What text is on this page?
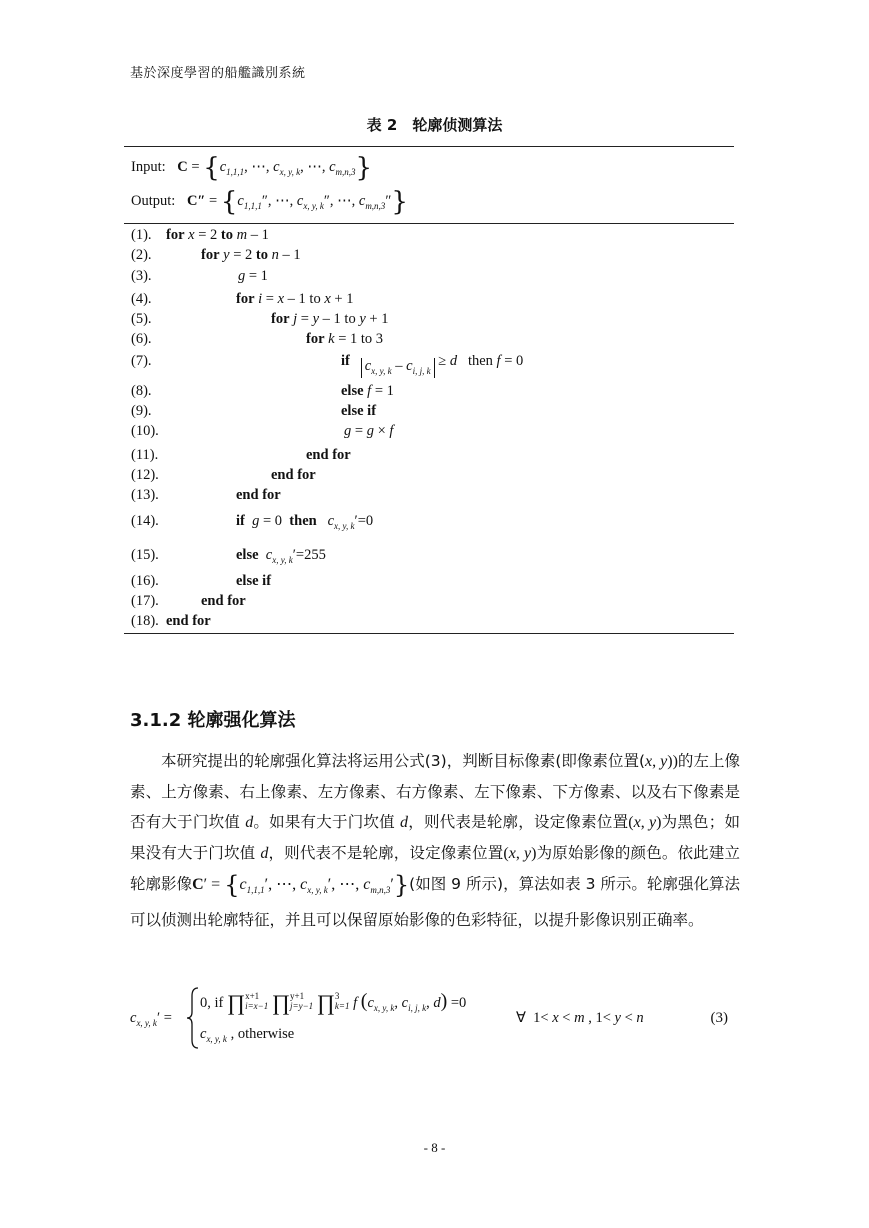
基於深度學習的船艦識別系統
表 2　轮廓侦测算法
Input: $C = \{c_{1,1,1}$, ⋯, $c_{x, y, k}$, ⋯, $c_{m,n,3}$}
Output: $C'' = \{c_{1,1,1}''$, ⋯, $c_{x, y, k}''$, ⋯, $c_{m,n,3}''$}
(1).
(2).
(3).
(4).
(5).
(6).
(7).
(8).
(9).
(10).
(11).
(12).
(13).
(14).
(15).
(16).
(17).
(18).
for x = 2 to m – 1
for y = 2 to n – 1
g = 1
for i = x – 1 to x + 1
for j = y – 1 to y + 1
for k = 1 to 3
if $c_{x, y, k} - c_{i, j, k} \ge d$   then f = 0
else f = 1
else if
g = g × f
end for
end for
end for
if g = 0  then $c_{x, y, k}'=0$
else $c_{x, y, k}'=255$
else if
end for
end for
3.1.2 轮廓强化算法

本研究提出的轮廓强化算法将运用公式(3)，判断目标像素(即像素位置(x, y))的左上像素、上方像素、右上像素、左方像素、右方像素、左下像素、下方像素、以及右下像素是否有大于门坎值 d。如果有大于门坎值 d，则代表是轮廓，设定像素位置(x, y)为黑色；如果没有大于门坎值 d，则代表不是轮廓，设定像素位置(x, y)为原始影像的颜色。依此建立轮廓影像$C' = \{c_{1,1,1}'$, ⋯, $c_{x, y, k}'$, ⋯, $c_{m,n,3}'$}(如图 9 所示)，算法如表 3 所示。轮廓强化算法可以侦测出轮廓特征，并且可以保留原始影像的色彩特征，以提升影像识别正确率。

$c_{x, y, k}'$ =
0, if ∏ x+1
i=x−1 ∏ y+1
j=y−1 ∏ 3
k=1 f ($c_{x, y, k}$, $c_{i, j, k}$, d) =0
$c_{x, y, k}$ , otherwise
∀  1< x < m , 1< y < n	(3)
- 8 -
